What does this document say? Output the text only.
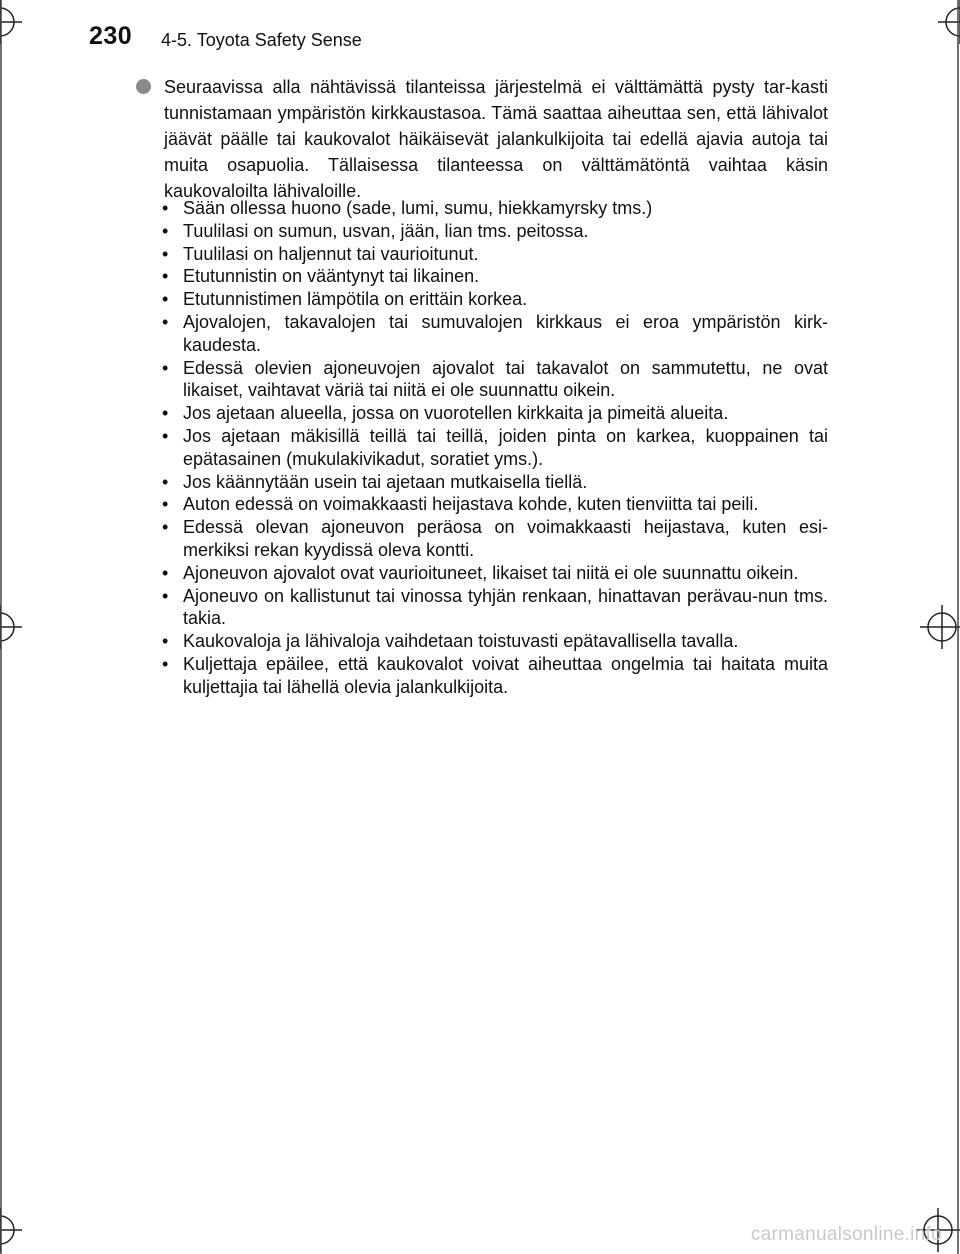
230 4-5. Toyota Safety Sense
Seuraavissa alla nähtävissä tilanteissa järjestelmä ei välttämättä pysty tar-kasti tunnistamaan ympäristön kirkkaustasoa. Tämä saattaa aiheuttaa sen, että lähivalot jäävät päälle tai kaukovalot häikäisevät jalankulkijoita tai edellä ajavia autoja tai muita osapuolia. Tällaisessa tilanteessa on välttämätöntä vaihtaa käsin kaukovaloilta lähivaloille.
• Sään ollessa huono (sade, lumi, sumu, hiekkamyrsky tms.)
• Tuulilasi on sumun, usvan, jään, lian tms. peitossa.
• Tuulilasi on haljennut tai vaurioitunut.
• Etutunnistin on vääntynyt tai likainen.
• Etutunnistimen lämpötila on erittäin korkea.
• Ajovalojen, takavalojen tai sumuvalojen kirkkaus ei eroa ympäristön kirk-kaudesta.
• Edessä olevien ajoneuvojen ajovalot tai takavalot on sammutettu, ne ovat likaiset, vaihtavat väriä tai niitä ei ole suunnattu oikein.
• Jos ajetaan alueella, jossa on vuorotellen kirkkaita ja pimeitä alueita.
• Jos ajetaan mäkisillä teillä tai teillä, joiden pinta on karkea, kuoppainen tai epätasainen (mukulakivikadut, soratiet yms.).
• Jos käännytään usein tai ajetaan mutkaisella tiellä.
• Auton edessä on voimakkaasti heijastava kohde, kuten tienviitta tai peili.
• Edessä olevan ajoneuvon peräosa on voimakkaasti heijastava, kuten esi-merkiksi rekan kyydissä oleva kontti.
• Ajoneuvon ajovalot ovat vaurioituneet, likaiset tai niitä ei ole suunnattu oikein.
• Ajoneuvo on kallistunut tai vinossa tyhjän renkaan, hinattavan perävau-nun tms. takia.
• Kaukovaloja ja lähivaloja vaihdetaan toistuvasti epätavallisella tavalla.
• Kuljettaja epäilee, että kaukovalot voivat aiheuttaa ongelmia tai haitata muita kuljettajia tai lähellä olevia jalankulkijoita.
carmanualsonline.info
